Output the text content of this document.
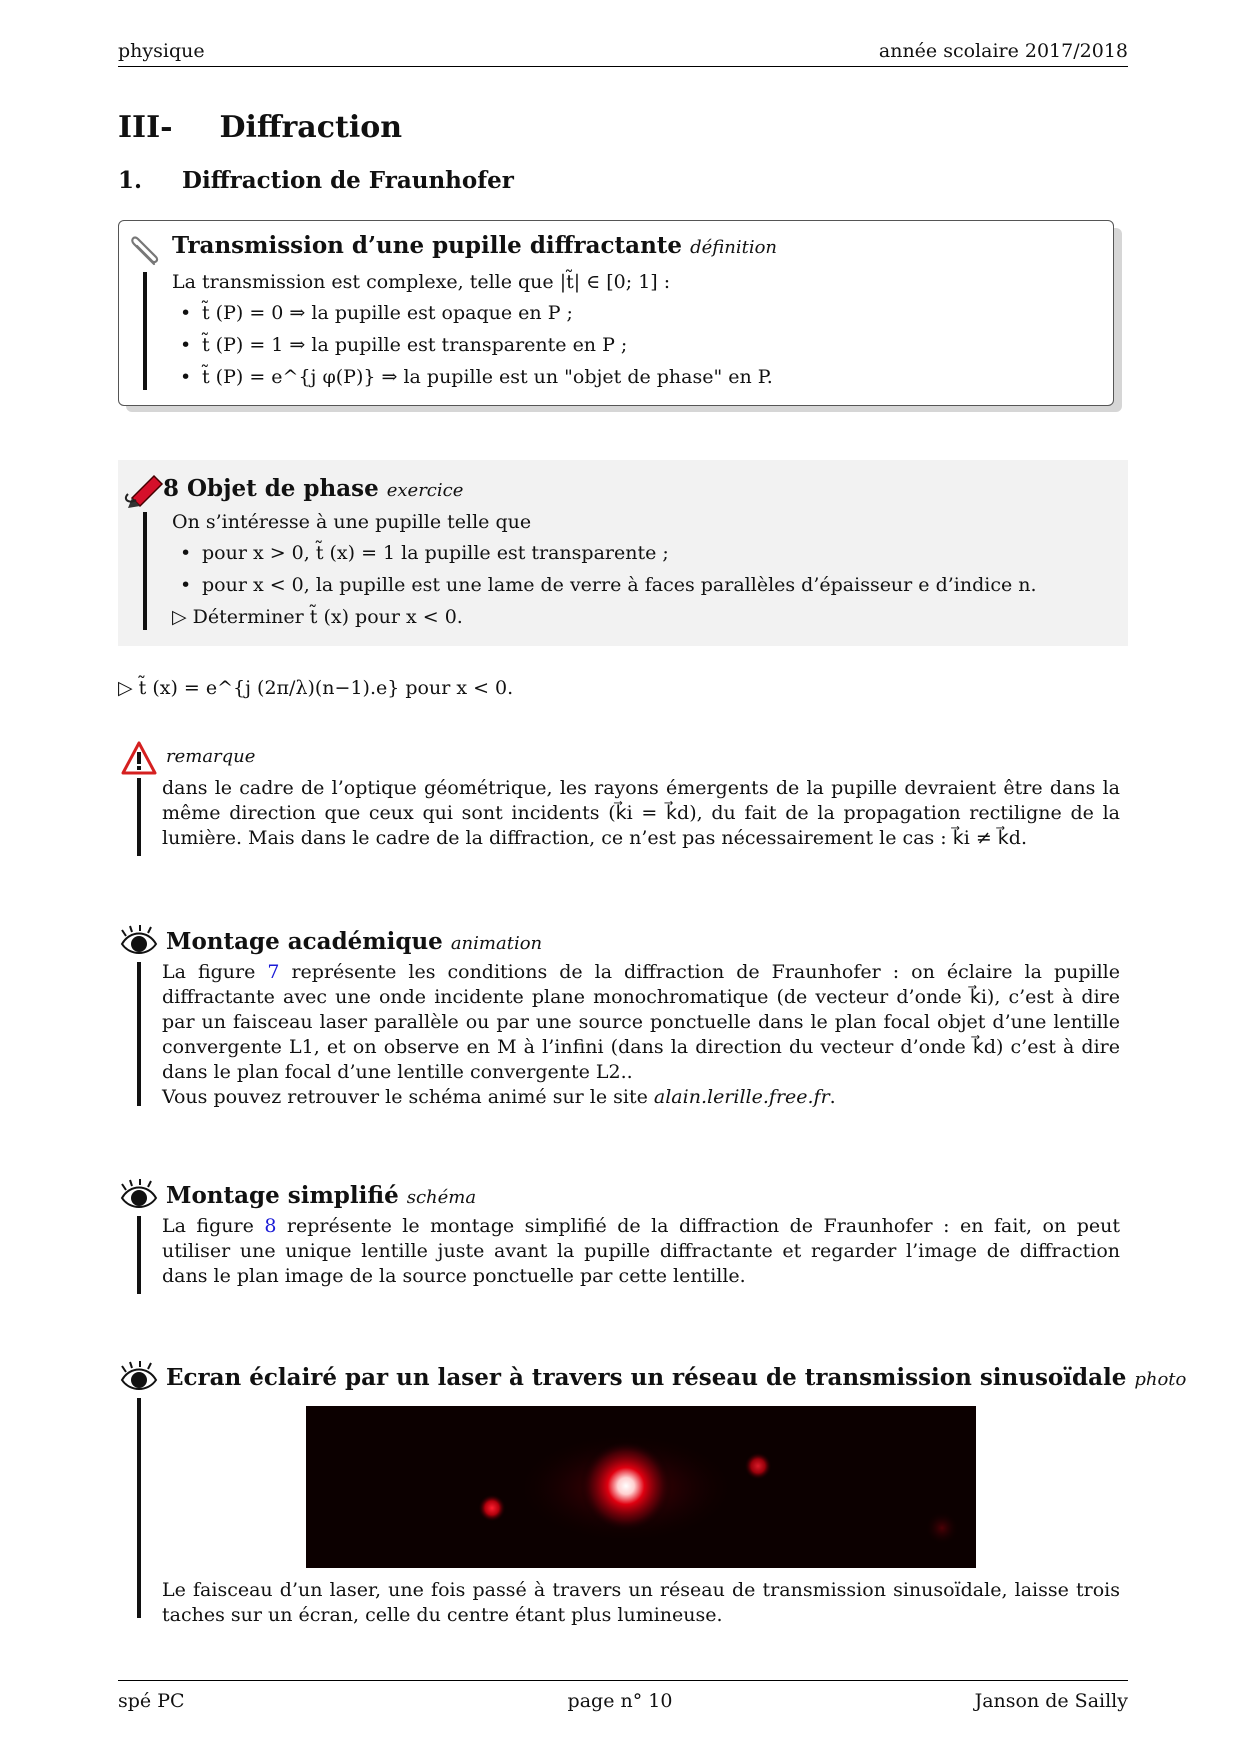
physique	année scolaire 2017/2018
III- Diffraction
1. Diffraction de Fraunhofer
Transmission d’une pupille diffractante définition
La transmission est complexe, telle que |t̃| ∈ [0; 1] :
• t̃ (P) = 0 ⇒ la pupille est opaque en P ;
• t̃ (P) = 1 ⇒ la pupille est transparente en P ;
• t̃ (P) = e^{j φ(P)} ⇒ la pupille est un "objet de phase" en P.
8 Objet de phase exercice
On s’intéresse à une pupille telle que
• pour x > 0, t̃ (x) = 1 la pupille est transparente ;
• pour x < 0, la pupille est une lame de verre à faces parallèles d’épaisseur e d’indice n.
▷ Déterminer t̃ (x) pour x < 0.
▷ t̃ (x) = e^{j (2π/λ)(n−1).e} pour x < 0.
remarque
dans le cadre de l’optique géométrique, les rayons émergents de la pupille devraient être dans la même direction que ceux qui sont incidents (k⃗i = k⃗d), du fait de la propagation rectiligne de la lumière. Mais dans le cadre de la diffraction, ce n’est pas nécessairement le cas : k⃗i ≠ k⃗d.
Montage académique animation
La figure 7 représente les conditions de la diffraction de Fraunhofer : on éclaire la pupille diffractante avec une onde incidente plane monochromatique (de vecteur d’onde k⃗i), c’est à dire par un faisceau laser parallèle ou par une source ponctuelle dans le plan focal objet d’une lentille convergente L1, et on observe en M à l’infini (dans la direction du vecteur d’onde k⃗d) c’est à dire dans le plan focal d’une lentille convergente L2..
Vous pouvez retrouver le schéma animé sur le site alain.lerille.free.fr.
Montage simplifié schéma
La figure 8 représente le montage simplifié de la diffraction de Fraunhofer : en fait, on peut utiliser une unique lentille juste avant la pupille diffractante et regarder l’image de diffraction dans le plan image de la source ponctuelle par cette lentille.
Ecran éclairé par un laser à travers un réseau de transmission sinusoïdale photo
Le faisceau d’un laser, une fois passé à travers un réseau de transmission sinusoïdale, laisse trois taches sur un écran, celle du centre étant plus lumineuse.
spé PC	page n° 10	Janson de Sailly
